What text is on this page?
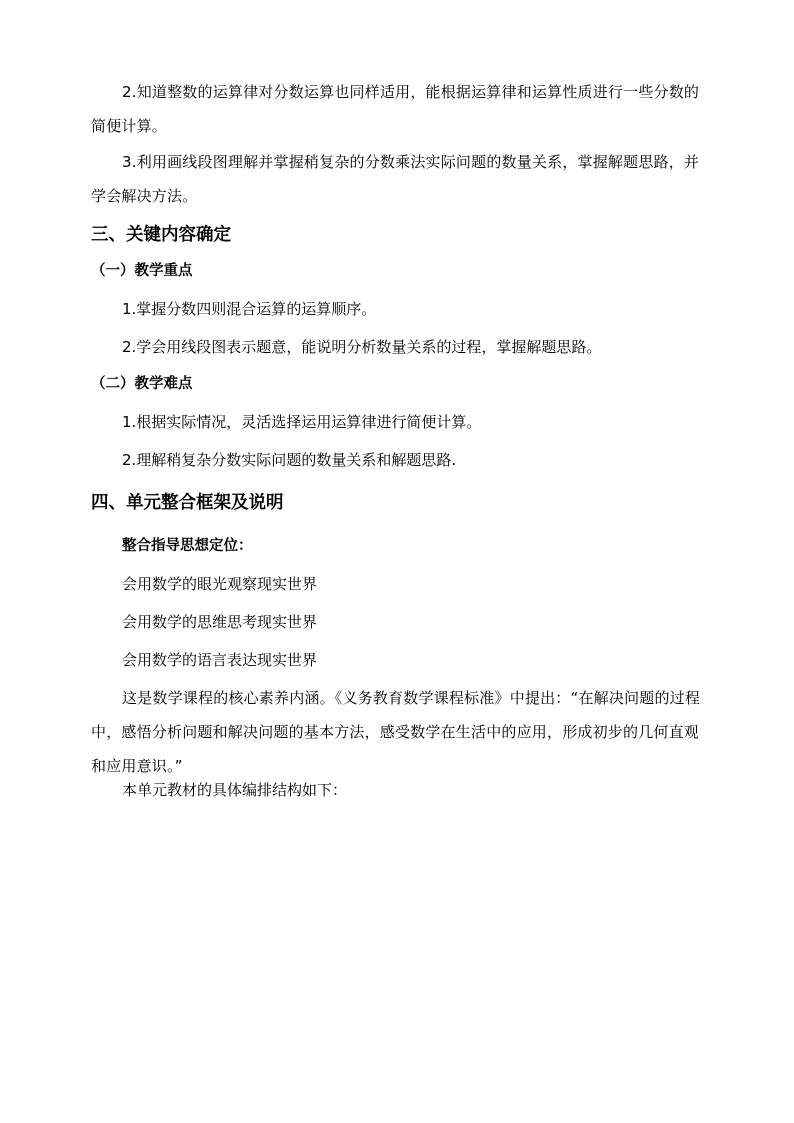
2.知道整数的运算律对分数运算也同样适用，能根据运算律和运算性质进行一些分数的简便计算。

3.利用画线段图理解并掌握稍复杂的分数乘法实际问题的数量关系，掌握解题思路，并学会解决方法。

三、关键内容确定
（一）教学重点

1.掌握分数四则混合运算的运算顺序。

2.学会用线段图表示题意，能说明分析数量关系的过程，掌握解题思路。

（二）教学难点

1.根据实际情况，灵活选择运用运算律进行简便计算。

2.理解稍复杂分数实际问题的数量关系和解题思路.

四、单元整合框架及说明

整合指导思想定位：

会用数学的眼光观察现实世界

会用数学的思维思考现实世界

会用数学的语言表达现实世界

这是数学课程的核心素养内涵。《义务教育数学课程标准》中提出：“在解决问题的过程中，感悟分析问题和解决问题的基本方法，感受数学在生活中的应用，形成初步的几何直观和应用意识。”

本单元教材的具体编排结构如下：
